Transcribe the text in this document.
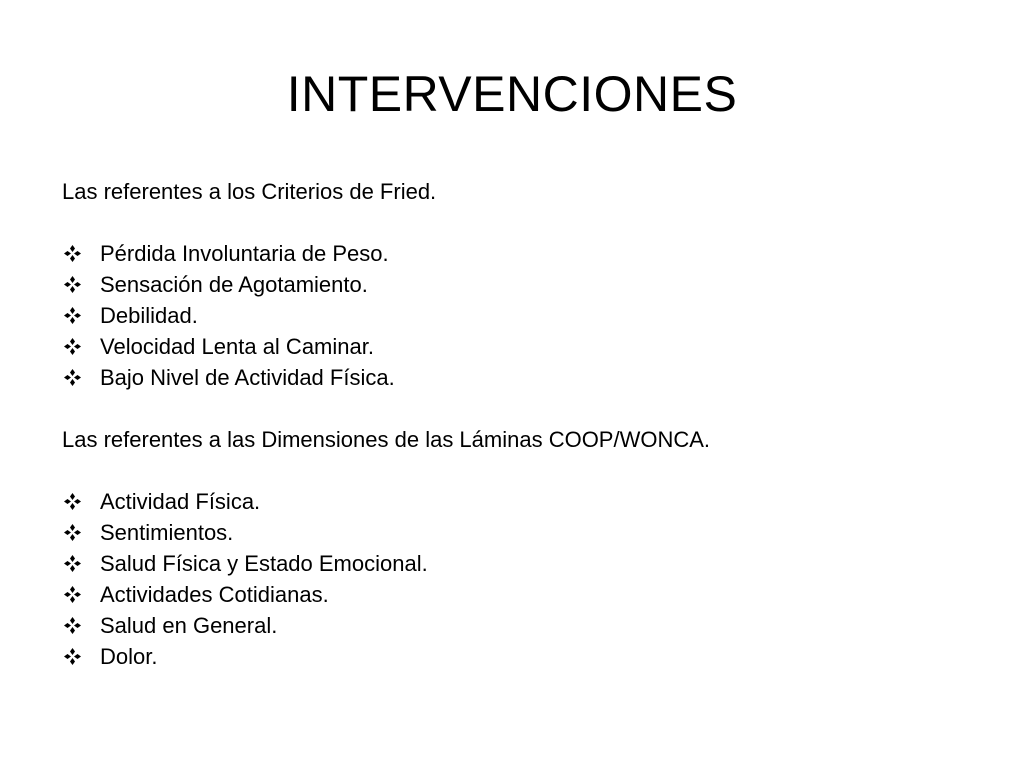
INTERVENCIONES
Las referentes a los Criterios de Fried.
Pérdida Involuntaria de Peso.
Sensación de Agotamiento.
Debilidad.
Velocidad Lenta al Caminar.
Bajo Nivel de Actividad Física.
Las referentes a las Dimensiones de las Láminas COOP/WONCA.
Actividad Física.
Sentimientos.
Salud Física y Estado Emocional.
Actividades Cotidianas.
Salud en General.
Dolor.
